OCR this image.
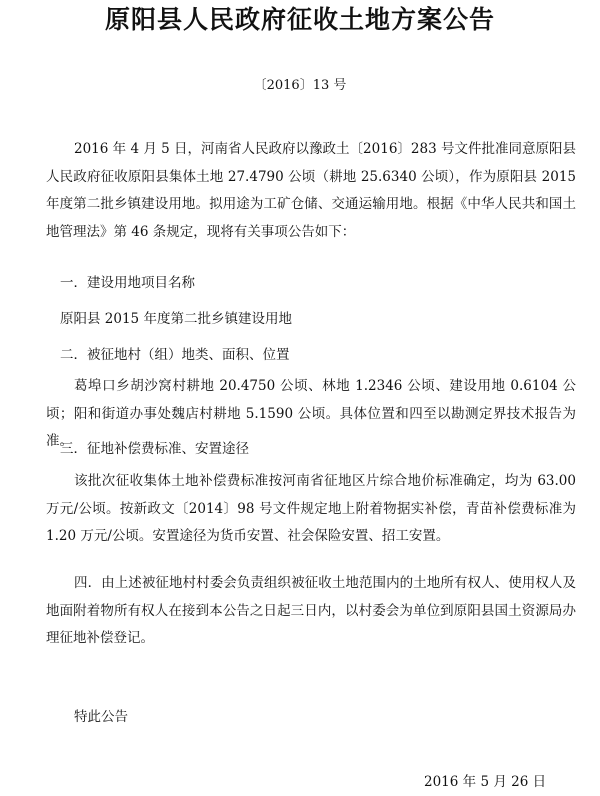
原阳县人民政府征收土地方案公告
〔2016〕13 号

2016 年 4 月 5 日，河南省人民政府以豫政土〔2016〕283 号文件批准同意原阳县人民政府征收原阳县集体土地 27.4790 公顷（耕地 25.6340 公顷），作为原阳县 2015 年度第二批乡镇建设用地。拟用途为工矿仓储、交通运输用地。根据《中华人民共和国土地管理法》第 46 条规定，现将有关事项公告如下：

一．建设用地项目名称

原阳县 2015 年度第二批乡镇建设用地

二．被征地村（组）地类、面积、位置

葛埠口乡胡沙窝村耕地 20.4750 公顷、林地 1.2346 公顷、建设用地 0.6104 公顷；阳和街道办事处魏店村耕地 5.1590 公顷。具体位置和四至以勘测定界技术报告为准。

三．征地补偿费标准、安置途径

该批次征收集体土地补偿费标准按河南省征地区片综合地价标准确定，均为 63.00 万元/公顷。按新政文〔2014〕98 号文件规定地上附着物据实补偿，青苗补偿费标准为 1.20 万元/公顷。安置途径为货币安置、社会保险安置、招工安置。

四．由上述被征地村村委会负责组织被征收土地范围内的土地所有权人、使用权人及地面附着物所有权人在接到本公告之日起三日内，以村委会为单位到原阳县国土资源局办理征地补偿登记。

特此公告

2016 年 5 月 26 日
